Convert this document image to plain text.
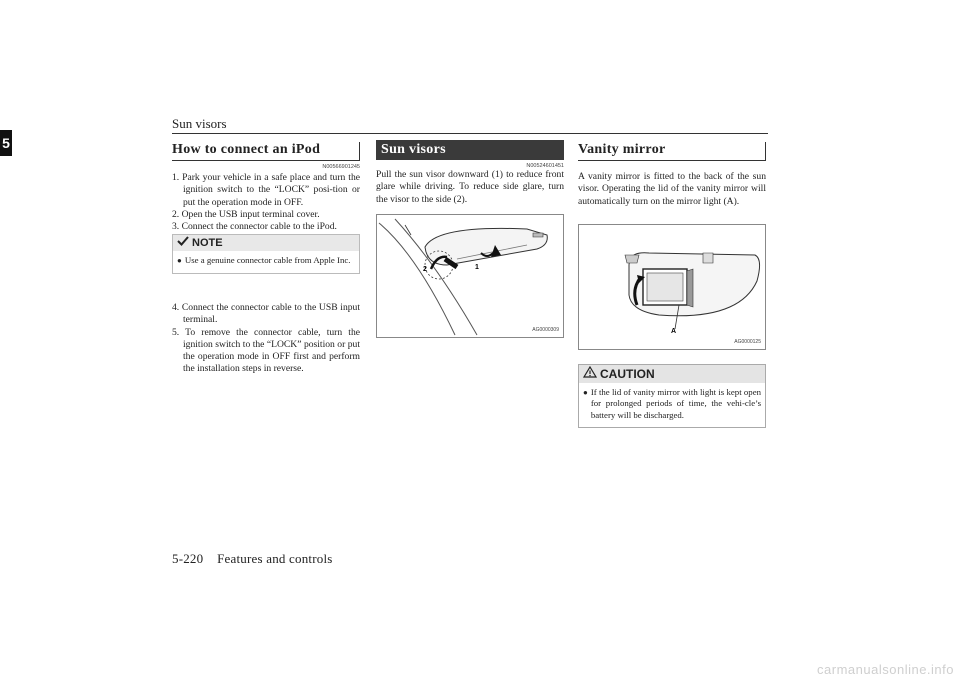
Sun visors
5	How to connect an iPod
N00566901245
1. Park your vehicle in a safe place and turn the ignition switch to the “LOCK” posi-tion or put the operation mode in OFF.
2. Open the USB input terminal cover.
3. Connect the connector cable to the iPod.
NOTE
● Use a genuine connector cable from Apple Inc.
4. Connect the connector cable to the USB input terminal.
5. To remove the connector cable, turn the ignition switch to the “LOCK” position or put the operation mode in OFF first and perform the installation steps in reverse.
Sun visors
N00524601451
Pull the sun visor downward (1) to reduce front glare while driving. To reduce side glare, turn the visor to the side (2).
1
2
AG0000309
Vanity mirror
A vanity mirror is fitted to the back of the sun visor. Operating the lid of the vanity mirror will automatically turn on the mirror light (A).
A
AG0000125
CAUTION
● If the lid of vanity mirror with light is kept open for prolonged periods of time, the vehi-cle’s battery will be discharged.
5-220    Features and controls
carmanualsonline.info
